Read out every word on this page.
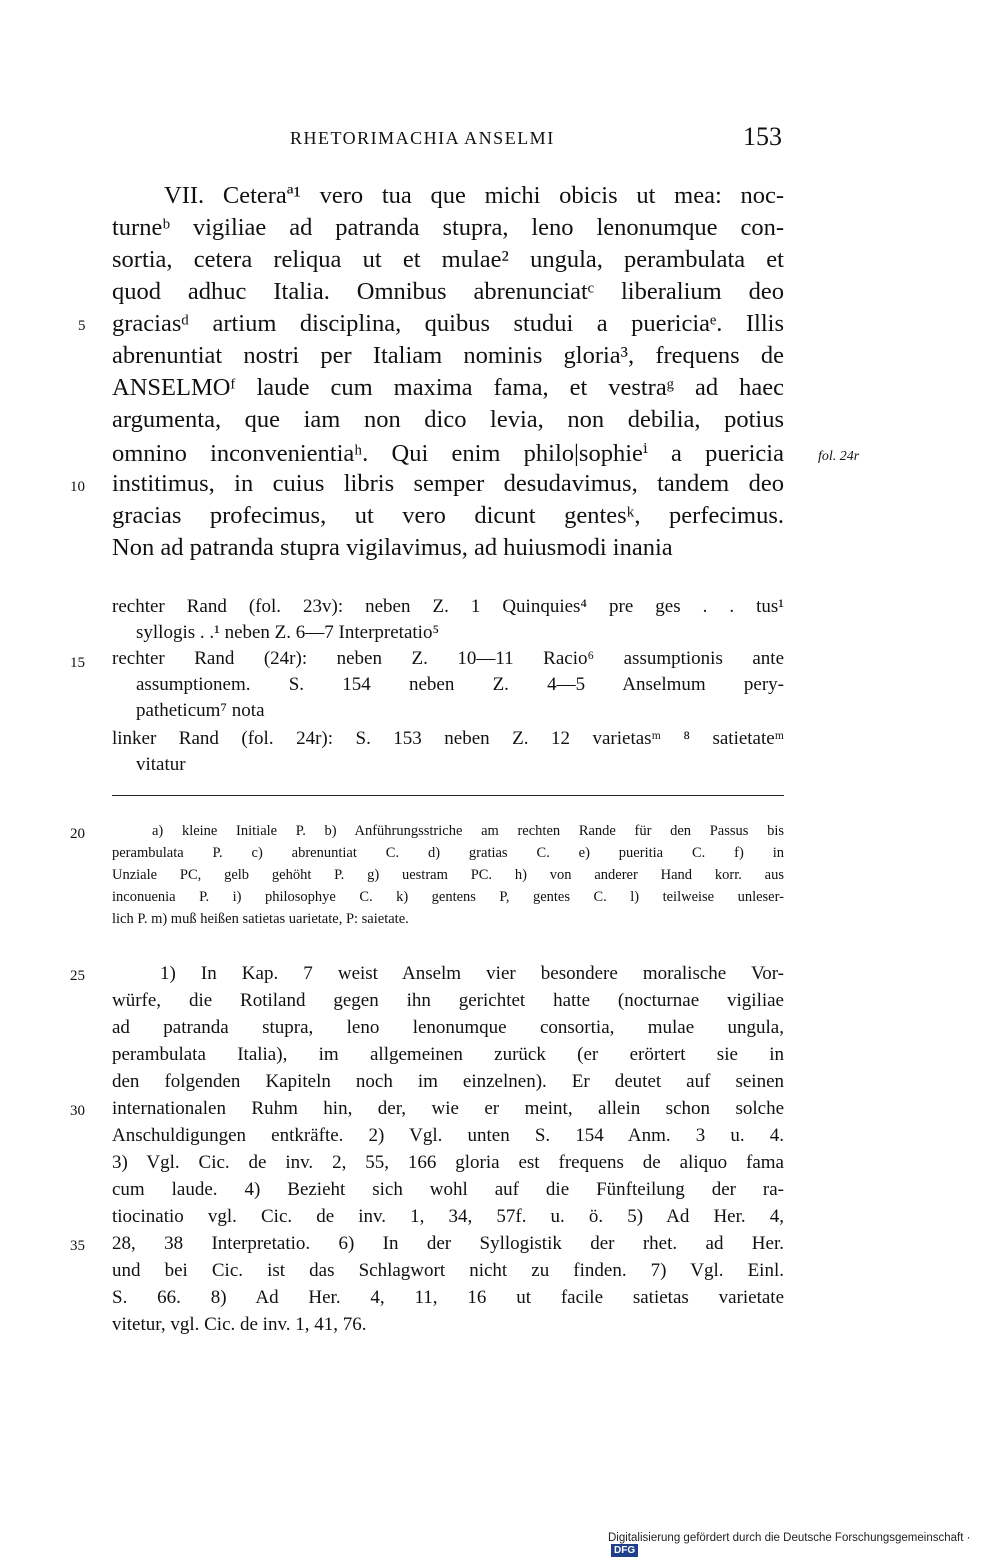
RHETORIMACHIA ANSELMI	153
VII. Ceteraª¹ vero tua que michi obicis ut mea: noc-
turneᵇ vigiliae ad patranda stupra, leno lenonumque con-
sortia, cetera reliqua ut et mulae² ungula, perambulata et
quod adhuc Italia. Omnibus abrenunciatᶜ liberalium deo
graciasᵈ artium disciplina, quibus studui a puericiaᵉ. Illis
abrenuntiat nostri per Italiam nominis gloria³, frequens de
ANSELMOᶠ laude cum maxima fama, et vestraᵍ ad haec
argumenta, que iam non dico levia, non debilia, potius
omnino inconvenientiaʰ. Qui enim philo|sophieⁱ a puericia
institimus, in cuius libris semper desudavimus, tandem deo
gracias profecimus, ut vero dicunt gentesᵏ, perfecimus.
Non ad patranda stupra vigilavimus, ad huiusmodi inania
fol. 24r
rechter Rand (fol. 23v): neben Z. 1 Quinquies⁴ pre ges . . tus¹
syllogis . .¹ neben Z. 6—7 Interpretatio⁵
rechter Rand (24r): neben Z. 10—11 Racio⁶ assumptionis ante
assumptionem. S. 154 neben Z. 4—5 Anselmum pery-
patheticum⁷ nota
linker Rand (fol. 24r): S. 153 neben Z. 12 varietasᵐ ⁸ satietateᵐ
vitatur
a) kleine Initiale P. b) Anführungsstriche am rechten Rande für den Passus bis
perambulata P. c) abrenuntiat C. d) gratias C. e) pueritia C. f) in
Unziale PC, gelb gehöht P. g) uestram PC. h) von anderer Hand korr. aus
inconuenia P. i) philosophye C. k) gentens P, gentes C. l) teilweise unleser-
lich P. m) muß heißen satietas uarietate, P: saietate.
1) In Kap. 7 weist Anselm vier besondere moralische Vor-
würfe, die Rotiland gegen ihn gerichtet hatte (nocturnae vigiliae
ad patranda stupra, leno lenonumque consortia, mulae ungula,
perambulata Italia), im allgemeinen zurück (er erörtert sie in
den folgenden Kapiteln noch im einzelnen). Er deutet auf seinen
internationalen Ruhm hin, der, wie er meint, allein schon solche
Anschuldigungen entkräfte. 2) Vgl. unten S. 154 Anm. 3 u. 4.
3) Vgl. Cic. de inv. 2, 55, 166 gloria est frequens de aliquo fama
cum laude. 4) Bezieht sich wohl auf die Fünfteilung der ra-
tiocinatio vgl. Cic. de inv. 1, 34, 57f. u. ö. 5) Ad Her. 4,
28, 38 Interpretatio. 6) In der Syllogistik der rhet. ad Her.
und bei Cic. ist das Schlagwort nicht zu finden. 7) Vgl. Einl.
S. 66. 8) Ad Her. 4, 11, 16 ut facile satietas varietate
vitetur, vgl. Cic. de inv. 1, 41, 76.
5
10
15
20
25
30
35
Digitalisierung gefördert durch die Deutsche Forschungsgemeinschaft ·DFG
